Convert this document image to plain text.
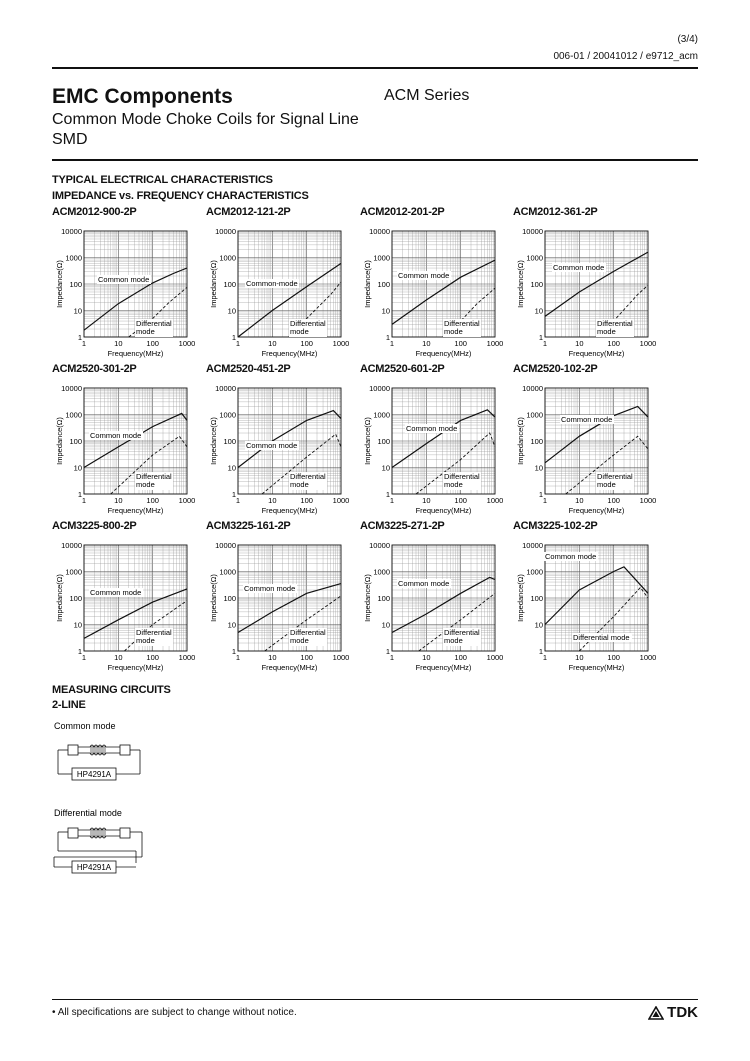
(3/4)
006-01 / 20041012 / e9712_acm
EMC Components	ACM Series
Common Mode Choke Coils for Signal Line
SMD
TYPICAL ELECTRICAL CHARACTERISTICS
IMPEDANCE vs. FREQUENCY CHARACTERISTICS
ACM2012-900-2P
10000
1000
100
10
1
1	10	100	1000
Impedance(Ω)
Frequency(MHz)
Common mode
Differential
mode
ACM2012-121-2P
10000
1000
100
10
1
1	10	100	1000
Impedance(Ω)
Frequency(MHz)
Common-mode
Differential
mode
ACM2012-201-2P
10000
1000
100
10
1
1	10	100	1000
Impedance(Ω)
Frequency(MHz)
Common mode
Differential
mode
ACM2012-361-2P
10000
1000
100
10
1
1	10	100	1000
Impedance(Ω)
Frequency(MHz)
Common mode
Differential
mode
ACM2520-301-2P
10000
1000
100
10
1
1	10	100	1000
Impedance(Ω)
Frequency(MHz)
Common mode
Differential
mode
ACM2520-451-2P
10000
1000
100
10
1
1	10	100	1000
Impedance(Ω)
Frequency(MHz)
Common mode
Differential
mode
ACM2520-601-2P
10000
1000
100
10
1
1	10	100	1000
Impedance(Ω)
Frequency(MHz)
Common mode
Differential
mode
ACM2520-102-2P
10000
1000
100
10
1
1	10	100	1000
Impedance(Ω)
Frequency(MHz)
Common mode
Differential
mode
ACM3225-800-2P
10000
1000
100
10
1
1	10	100	1000
Impedance(Ω)
Frequency(MHz)
Common mode
Differential
mode
ACM3225-161-2P
10000
1000
100
10
1
1	10	100	1000
Impedance(Ω)
Frequency(MHz)
Common mode
Differential
mode
ACM3225-271-2P
10000
1000
100
10
1
1	10	100	1000
Impedance(Ω)
Frequency(MHz)
Common mode
Differential
mode
ACM3225-102-2P
10000
1000
100
10
1
1	10	100	1000
Impedance(Ω)
Frequency(MHz)
Common mode
Differential mode
MEASURING CIRCUITS
2-LINE
Common mode
HP4291A
Differential mode
HP4291A
• All specifications are subject to change without notice.	TDK
